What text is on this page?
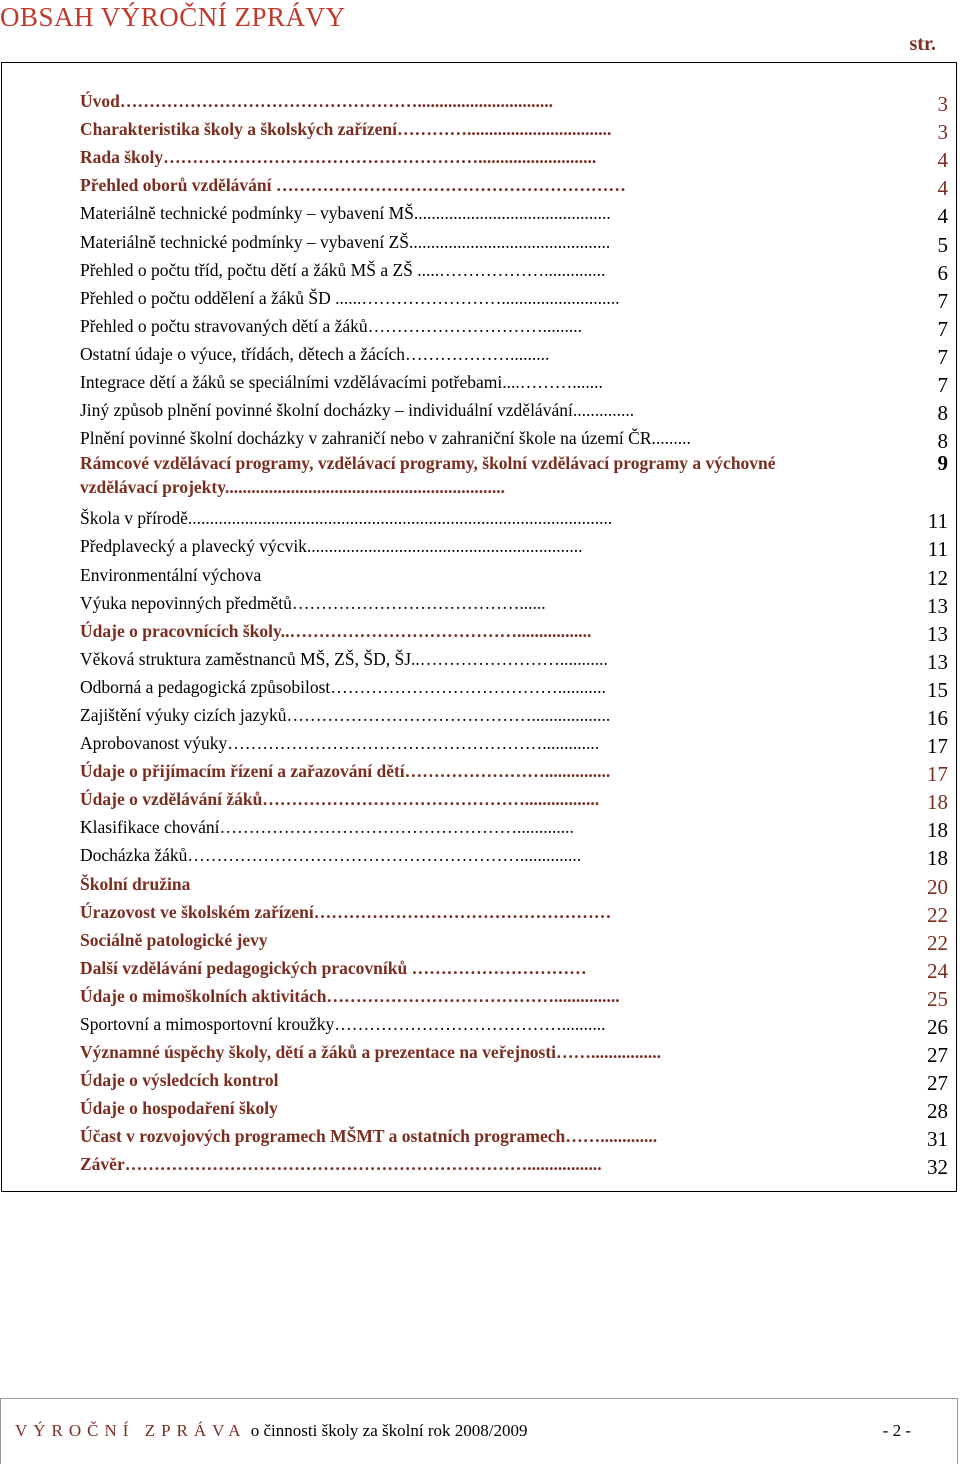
OBSAH VÝROČNÍ ZPRÁVY
str.
Úvod……………………………………………...............................	3
Charakteristika školy a školských zařízení………….................................	3
Rada školy………………………………………………...........................	4
Přehled oborů vzdělávání ……………………………………………………	4
Materiálně technické podmínky – vybavení MŠ.............................................	4
Materiálně technické podmínky – vybavení ZŠ..............................................	5
Přehled o počtu tříd, počtu dětí a žáků MŠ a ZŠ .....………………..............	6
Přehled o počtu oddělení a žáků ŠD ......……………………...........................	7
Přehled o počtu stravovaných dětí a žáků………………………….........	7
Ostatní údaje o výuce, třídách, dětech a žácích……………….........	7
Integrace dětí a žáků se speciálními vzdělávacími potřebami....……….......	7
Jiný způsob plnění povinné školní docházky – individuální vzdělávání..............	8
Plnění povinné školní docházky v zahraničí nebo v zahraniční škole na území ČR.........	8
Rámcové vzdělávací programy, vzdělávací programy, školní vzdělávací programy a výchovné vzdělávací projekty................................................................
9
Škola v přírodě.................................................................................................	11
Předplavecký a plavecký výcvik...............................................................	11
Environmentální výchova	12
Výuka nepovinných předmětů…………………………………......	13
Údaje o pracovnících školy..………………………………….................	13
Věková struktura zaměstnanců MŠ, ZŠ, ŠD, ŠJ..……………………...........	13
Odborná a pedagogická způsobilost…………………………………...........	15
Zajištění výuky cizích jazyků……………………………………..................	16
Aprobovanost výuky……………………………………………….............	17
Údaje o přijímacím řízení a zařazování dětí……………………...............	17
Údaje o vzdělávání žáků……………………………………….................	18
Klasifikace chování…………………………………………….............	18
Docházka žáků…………………………………………………..............	18
Školní družina	20
Úrazovost ve školském zařízení……………………………………………	22
Sociálně patologické jevy	22
Další vzdělávání pedagogických pracovníků …………………………	24
Údaje o mimoškolních aktivitách…………………………………...............	25
Sportovní a mimosportovní kroužky…………………………………..........	26
Významné úspěchy školy, dětí a žáků a prezentace na veřejnosti……................	27
Údaje o výsledcích kontrol	27
Údaje o hospodaření školy	28
Účast v rozvojových programech MŠMT a ostatních programech…….............	31
Závěr…………………………………………………………….................	32
VÝROČNÍ ZPRÁVA o činnosti školy za školní rok 2008/2009	- 2 -
